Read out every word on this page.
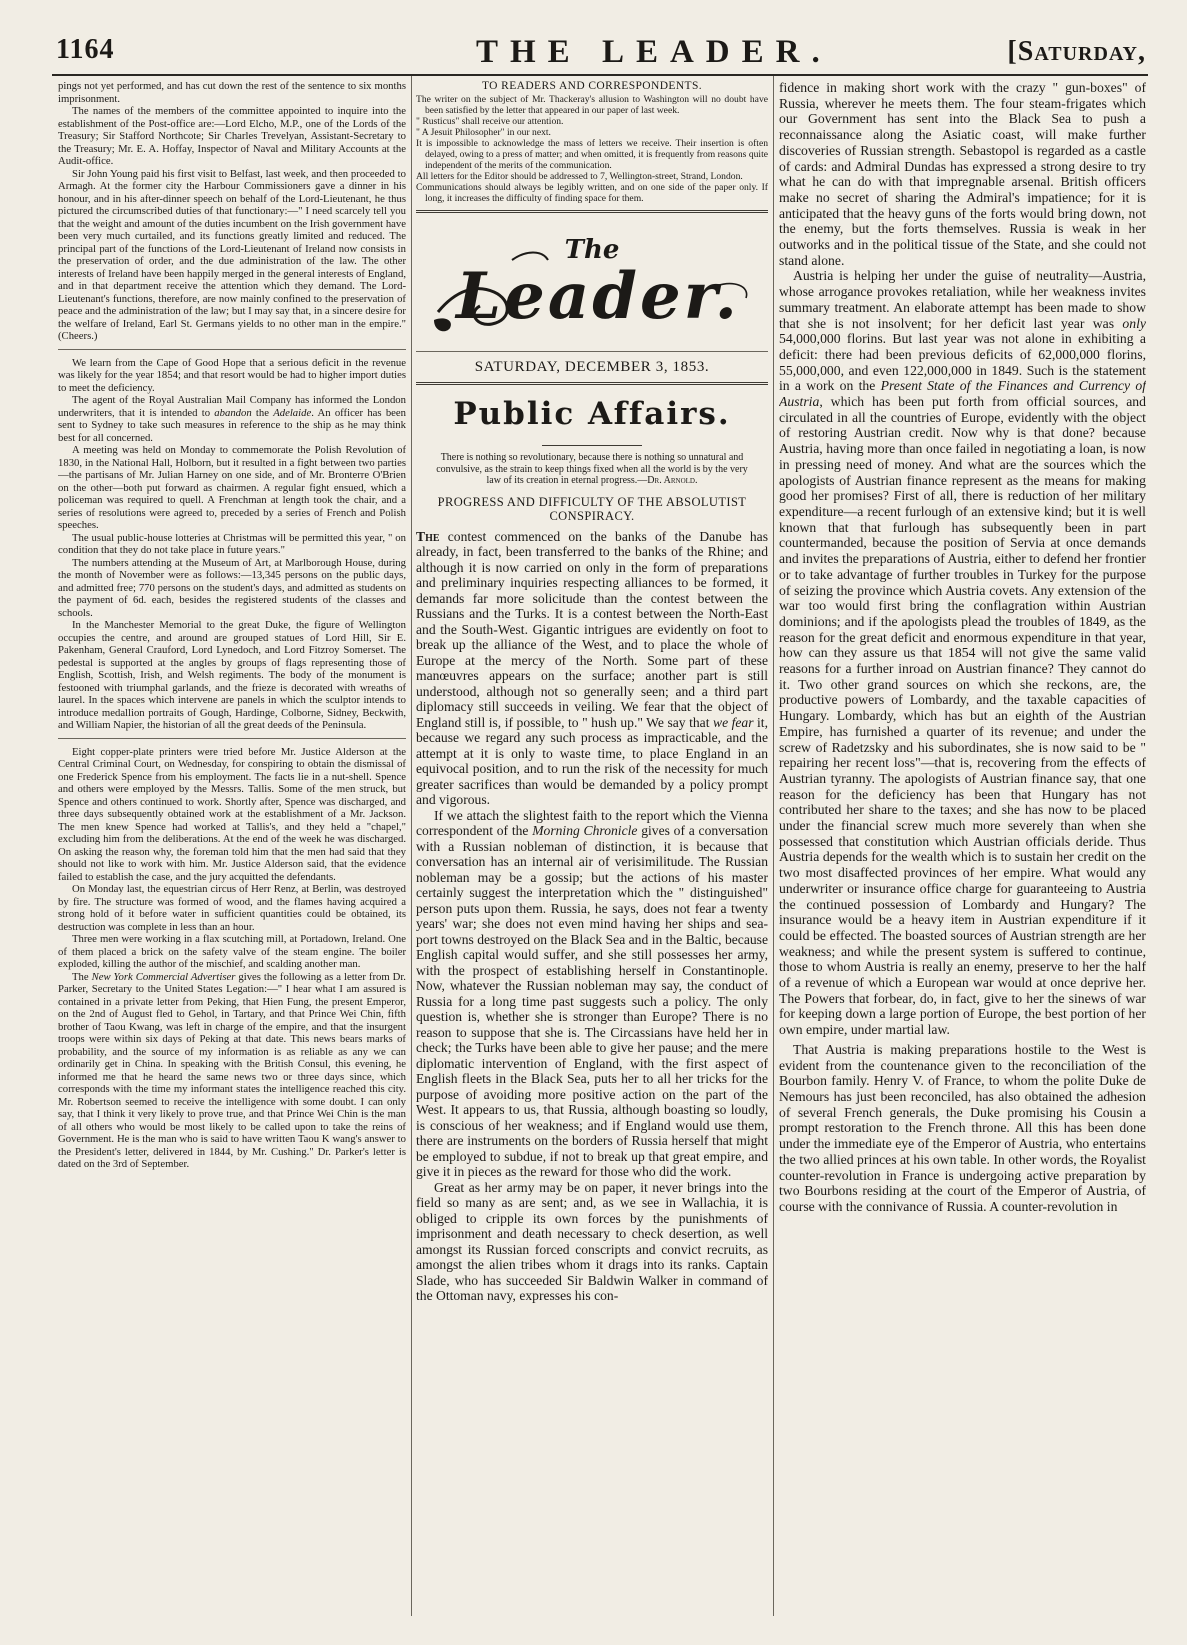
1164	THE LEADER.	[Saturday,

pings not yet performed, and has cut down the rest of the sentence to six months imprisonment.

The names of the members of the committee appointed to inquire into the establishment of the Post-office are:—Lord Elcho, M.P., one of the Lords of the Treasury; Sir Stafford Northcote; Sir Charles Trevelyan, Assistant-Secretary to the Treasury; Mr. E. A. Hoffay, Inspector of Naval and Military Accounts at the Audit-office.

Sir John Young paid his first visit to Belfast, last week, and then proceeded to Armagh. At the former city the Harbour Commissioners gave a dinner in his honour, and in his after-dinner speech on behalf of the Lord-Lieutenant, he thus pictured the circumscribed duties of that functionary:—" I need scarcely tell you that the weight and amount of the duties incumbent on the Irish government have been very much curtailed, and its functions greatly limited and reduced. The principal part of the functions of the Lord-Lieutenant of Ireland now consists in the preservation of order, and the due administration of the law. The other interests of Ireland have been happily merged in the general interests of England, and in that department receive the attention which they demand. The Lord-Lieutenant's functions, therefore, are now mainly confined to the preservation of peace and the administration of the law; but I may say that, in a sincere desire for the welfare of Ireland, Earl St. Germans yields to no other man in the empire." (Cheers.)

We learn from the Cape of Good Hope that a serious deficit in the revenue was likely for the year 1854; and that resort would be had to higher import duties to meet the deficiency.

The agent of the Royal Australian Mail Company has informed the London underwriters, that it is intended to abandon the Adelaide. An officer has been sent to Sydney to take such measures in reference to the ship as he may think best for all concerned.

A meeting was held on Monday to commemorate the Polish Revolution of 1830, in the National Hall, Holborn, but it resulted in a fight between two parties—the partisans of Mr. Julian Harney on one side, and of Mr. Bronterre O'Brien on the other—both put forward as chairmen. A regular fight ensued, which a policeman was required to quell. A Frenchman at length took the chair, and a series of resolutions were agreed to, preceded by a series of French and Polish speeches.

The usual public-house lotteries at Christmas will be permitted this year, " on condition that they do not take place in future years."

The numbers attending at the Museum of Art, at Marlborough House, during the month of November were as follows:—13,345 persons on the public days, and admitted free; 770 persons on the student's days, and admitted as students on the payment of 6d. each, besides the registered students of the classes and schools.

In the Manchester Memorial to the great Duke, the figure of Wellington occupies the centre, and around are grouped statues of Lord Hill, Sir E. Pakenham, General Crauford, Lord Lynedoch, and Lord Fitzroy Somerset. The pedestal is supported at the angles by groups of flags representing those of English, Scottish, Irish, and Welsh regiments. The body of the monument is festooned with triumphal garlands, and the frieze is decorated with wreaths of laurel. In the spaces which intervene are panels in which the sculptor intends to introduce medallion portraits of Gough, Hardinge, Colborne, Sidney, Beckwith, and William Napier, the historian of all the great deeds of the Peninsula.

Eight copper-plate printers were tried before Mr. Justice Alderson at the Central Criminal Court, on Wednesday, for conspiring to obtain the dismissal of one Frederick Spence from his employment. The facts lie in a nut-shell. Spence and others were employed by the Messrs. Tallis. Some of the men struck, but Spence and others continued to work. Shortly after, Spence was discharged, and three days subsequently obtained work at the establishment of a Mr. Jackson. The men knew Spence had worked at Tallis's, and they held a "chapel," excluding him from the deliberations. At the end of the week he was discharged. On asking the reason why, the foreman told him that the men had said that they should not like to work with him. Mr. Justice Alderson said, that the evidence failed to establish the case, and the jury acquitted the defendants.

On Monday last, the equestrian circus of Herr Renz, at Berlin, was destroyed by fire. The structure was formed of wood, and the flames having acquired a strong hold of it before water in sufficient quantities could be obtained, its destruction was complete in less than an hour.

Three men were working in a flax scutching mill, at Portadown, Ireland. One of them placed a brick on the safety valve of the steam engine. The boiler exploded, killing the author of the mischief, and scalding another man.

The New York Commercial Advertiser gives the following as a letter from Dr. Parker, Secretary to the United States Legation:—" I hear what I am assured is contained in a private letter from Peking, that Hien Fung, the present Emperor, on the 2nd of August fled to Gehol, in Tartary, and that Prince Wei Chin, fifth brother of Taou Kwang, was left in charge of the empire, and that the insurgent troops were within six days of Peking at that date. This news bears marks of probability, and the source of my information is as reliable as any we can ordinarily get in China. In speaking with the British Consul, this evening, he informed me that he heard the same news two or three days since, which corresponds with the time my informant states the intelligence reached this city. Mr. Robertson seemed to receive the intelligence with some doubt. I can only say, that I think it very likely to prove true, and that Prince Wei Chin is the man of all others who would be most likely to be called upon to take the reins of Government. He is the man who is said to have written Taou K wang's answer to the President's letter, delivered in 1844, by Mr. Cushing." Dr. Parker's letter is dated on the 3rd of September.

TO READERS AND CORRESPONDENTS.

The writer on the subject of Mr. Thackeray's allusion to Washington will no doubt have been satisfied by the letter that appeared in our paper of last week.

" Rusticus" shall receive our attention.

" A Jesuit Philosopher" in our next.

It is impossible to acknowledge the mass of letters we receive. Their insertion is often delayed, owing to a press of matter; and when omitted, it is frequently from reasons quite independent of the merits of the communication.

All letters for the Editor should be addressed to 7, Wellington-street, Strand, London.

Communications should always be legibly written, and on one side of the paper only. If long, it increases the difficulty of finding space for them.

The
Leader.
SATURDAY, DECEMBER 3, 1853.
Public Affairs.
There is nothing so revolutionary, because there is nothing so unnatural and convulsive, as the strain to keep things fixed when all the world is by the very law of its creation in eternal progress.—Dr. Arnold.
PROGRESS AND DIFFICULTY OF THE ABSOLUTIST CONSPIRACY.

The contest commenced on the banks of the Danube has already, in fact, been transferred to the banks of the Rhine; and although it is now carried on only in the form of preparations and preliminary inquiries respecting alliances to be formed, it demands far more solicitude than the contest between the Russians and the Turks. It is a contest between the North-East and the South-West. Gigantic intrigues are evidently on foot to break up the alliance of the West, and to place the whole of Europe at the mercy of the North. Some part of these manœuvres appears on the surface; another part is still understood, although not so generally seen; and a third part diplomacy still succeeds in veiling. We fear that the object of England still is, if possible, to " hush up." We say that we fear it, because we regard any such process as impracticable, and the attempt at it is only to waste time, to place England in an equivocal position, and to run the risk of the necessity for much greater sacrifices than would be demanded by a policy prompt and vigorous.

If we attach the slightest faith to the report which the Vienna correspondent of the Morning Chronicle gives of a conversation with a Russian nobleman of distinction, it is because that conversation has an internal air of verisimilitude. The Russian nobleman may be a gossip; but the actions of his master certainly suggest the interpretation which the " distinguished" person puts upon them. Russia, he says, does not fear a twenty years' war; she does not even mind having her ships and sea-port towns destroyed on the Black Sea and in the Baltic, because English capital would suffer, and she still possesses her army, with the prospect of establishing herself in Constantinople. Now, whatever the Russian nobleman may say, the conduct of Russia for a long time past suggests such a policy. The only question is, whether she is stronger than Europe? There is no reason to suppose that she is. The Circassians have held her in check; the Turks have been able to give her pause; and the mere diplomatic intervention of England, with the first aspect of English fleets in the Black Sea, puts her to all her tricks for the purpose of avoiding more positive action on the part of the West. It appears to us, that Russia, although boasting so loudly, is conscious of her weakness; and if England would use them, there are instruments on the borders of Russia herself that might be employed to subdue, if not to break up that great empire, and give it in pieces as the reward for those who did the work.

Great as her army may be on paper, it never brings into the field so many as are sent; and, as we see in Wallachia, it is obliged to cripple its own forces by the punishments of imprisonment and death necessary to check desertion, as well amongst its Russian forced conscripts and convict recruits, as amongst the alien tribes whom it drags into its ranks. Captain Slade, who has succeeded Sir Baldwin Walker in command of the Ottoman navy, expresses his con-

fidence in making short work with the crazy " gun-boxes" of Russia, wherever he meets them. The four steam-frigates which our Government has sent into the Black Sea to push a reconnaissance along the Asiatic coast, will make further discoveries of Russian strength. Sebastopol is regarded as a castle of cards: and Admiral Dundas has expressed a strong desire to try what he can do with that impregnable arsenal. British officers make no secret of sharing the Admiral's impatience; for it is anticipated that the heavy guns of the forts would bring down, not the enemy, but the forts themselves. Russia is weak in her outworks and in the political tissue of the State, and she could not stand alone.

Austria is helping her under the guise of neutrality—Austria, whose arrogance provokes retaliation, while her weakness invites summary treatment. An elaborate attempt has been made to show that she is not insolvent; for her deficit last year was only 54,000,000 florins. But last year was not alone in exhibiting a deficit: there had been previous deficits of 62,000,000 florins, 55,000,000, and even 122,000,000 in 1849. Such is the statement in a work on the Present State of the Finances and Currency of Austria, which has been put forth from official sources, and circulated in all the countries of Europe, evidently with the object of restoring Austrian credit. Now why is that done? because Austria, having more than once failed in negotiating a loan, is now in pressing need of money. And what are the sources which the apologists of Austrian finance represent as the means for making good her promises? First of all, there is reduction of her military expenditure—a recent furlough of an extensive kind; but it is well known that that furlough has subsequently been in part countermanded, because the position of Servia at once demands and invites the preparations of Austria, either to defend her frontier or to take advantage of further troubles in Turkey for the purpose of seizing the province which Austria covets. Any extension of the war too would first bring the conflagration within Austrian dominions; and if the apologists plead the troubles of 1849, as the reason for the great deficit and enormous expenditure in that year, how can they assure us that 1854 will not give the same valid reasons for a further inroad on Austrian finance? They cannot do it. Two other grand sources on which she reckons, are, the productive powers of Lombardy, and the taxable capacities of Hungary. Lombardy, which has but an eighth of the Austrian Empire, has furnished a quarter of its revenue; and under the screw of Radetzsky and his subordinates, she is now said to be " repairing her recent loss"—that is, recovering from the effects of Austrian tyranny. The apologists of Austrian finance say, that one reason for the deficiency has been that Hungary has not contributed her share to the taxes; and she has now to be placed under the financial screw much more severely than when she possessed that constitution which Austrian officials deride. Thus Austria depends for the wealth which is to sustain her credit on the two most disaffected provinces of her empire. What would any underwriter or insurance office charge for guaranteeing to Austria the continued possession of Lombardy and Hungary? The insurance would be a heavy item in Austrian expenditure if it could be effected. The boasted sources of Austrian strength are her weakness; and while the present system is suffered to continue, those to whom Austria is really an enemy, preserve to her the half of a revenue of which a European war would at once deprive her. The Powers that forbear, do, in fact, give to her the sinews of war for keeping down a large portion of Europe, the best portion of her own empire, under martial law.

That Austria is making preparations hostile to the West is evident from the countenance given to the reconciliation of the Bourbon family. Henry V. of France, to whom the polite Duke de Nemours has just been reconciled, has also obtained the adhesion of several French generals, the Duke promising his Cousin a prompt restoration to the French throne. All this has been done under the immediate eye of the Emperor of Austria, who entertains the two allied princes at his own table. In other words, the Royalist counter-revolution in France is undergoing active preparation by two Bourbons residing at the court of the Emperor of Austria, of course with the connivance of Russia. A counter-revolution in
